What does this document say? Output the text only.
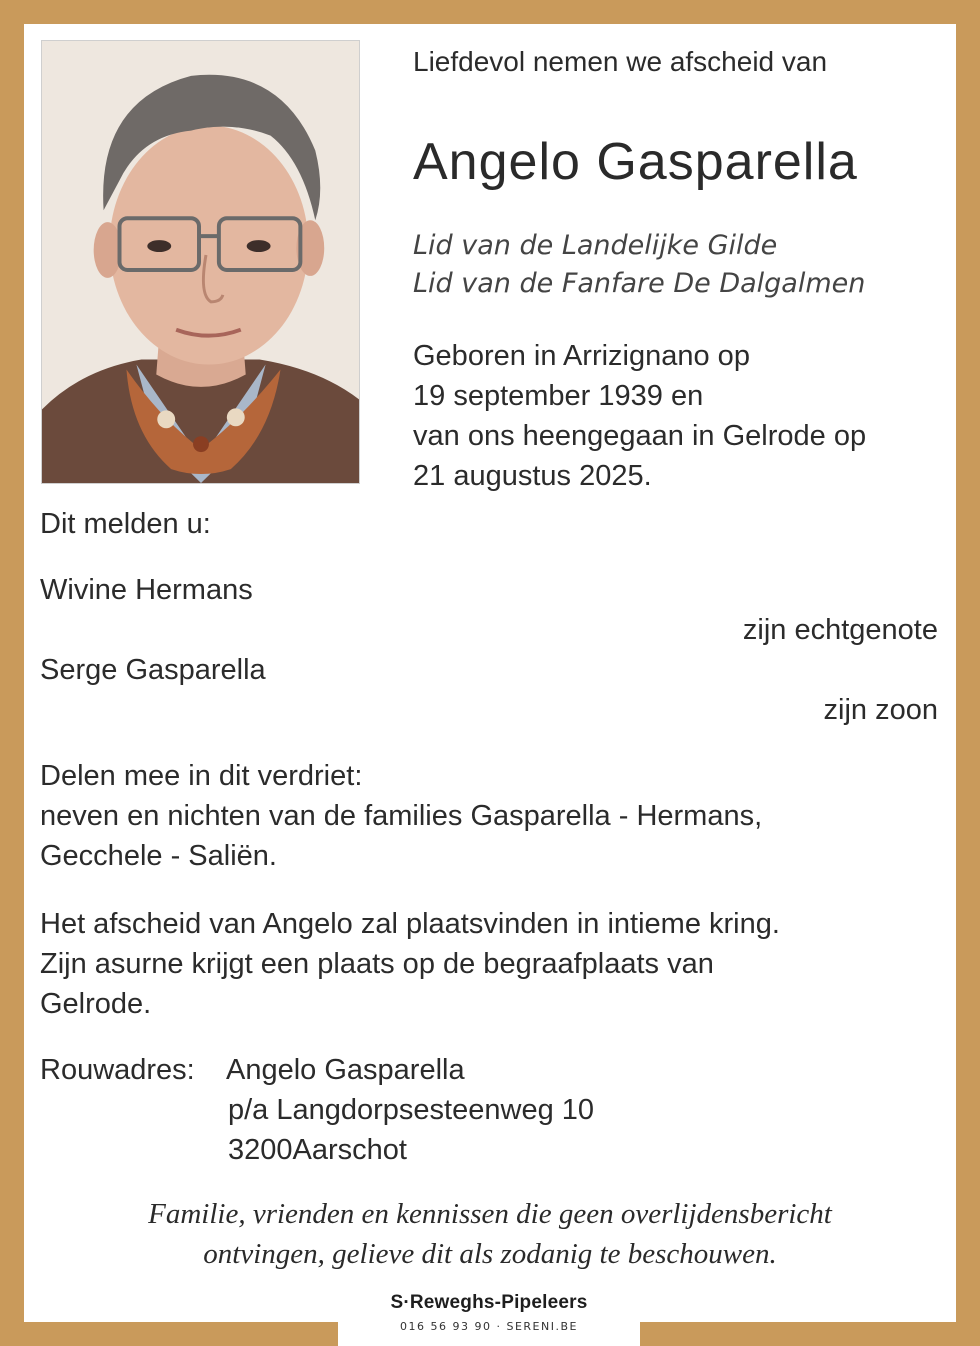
Liefdevol nemen we afscheid van
Angelo Gasparella
Lid van de Landelijke Gilde
Lid van de Fanfare De Dalgalmen
Geboren in Arrizignano op
19 september 1939 en
van ons heengegaan in Gelrode op
21 augustus 2025.
Dit melden u:
Wivine Hermans
zijn echtgenote
Serge Gasparella
zijn zoon
Delen mee in dit verdriet:
neven en nichten van de families Gasparella - Hermans,
Gecchele - Saliën.
Het afscheid van Angelo zal plaatsvinden in intieme kring.
Zijn asurne krijgt een plaats op de begraafplaats van
Gelrode.
Rouwadres: Angelo Gasparella
p/a Langdorpsesteenweg 10
3200Aarschot
Familie, vrienden en kennissen die geen overlijdensbericht
ontvingen, gelieve dit als zodanig te beschouwen.
S·Reweghs-Pipeleers
016 56 93 90 · SERENI.BE
